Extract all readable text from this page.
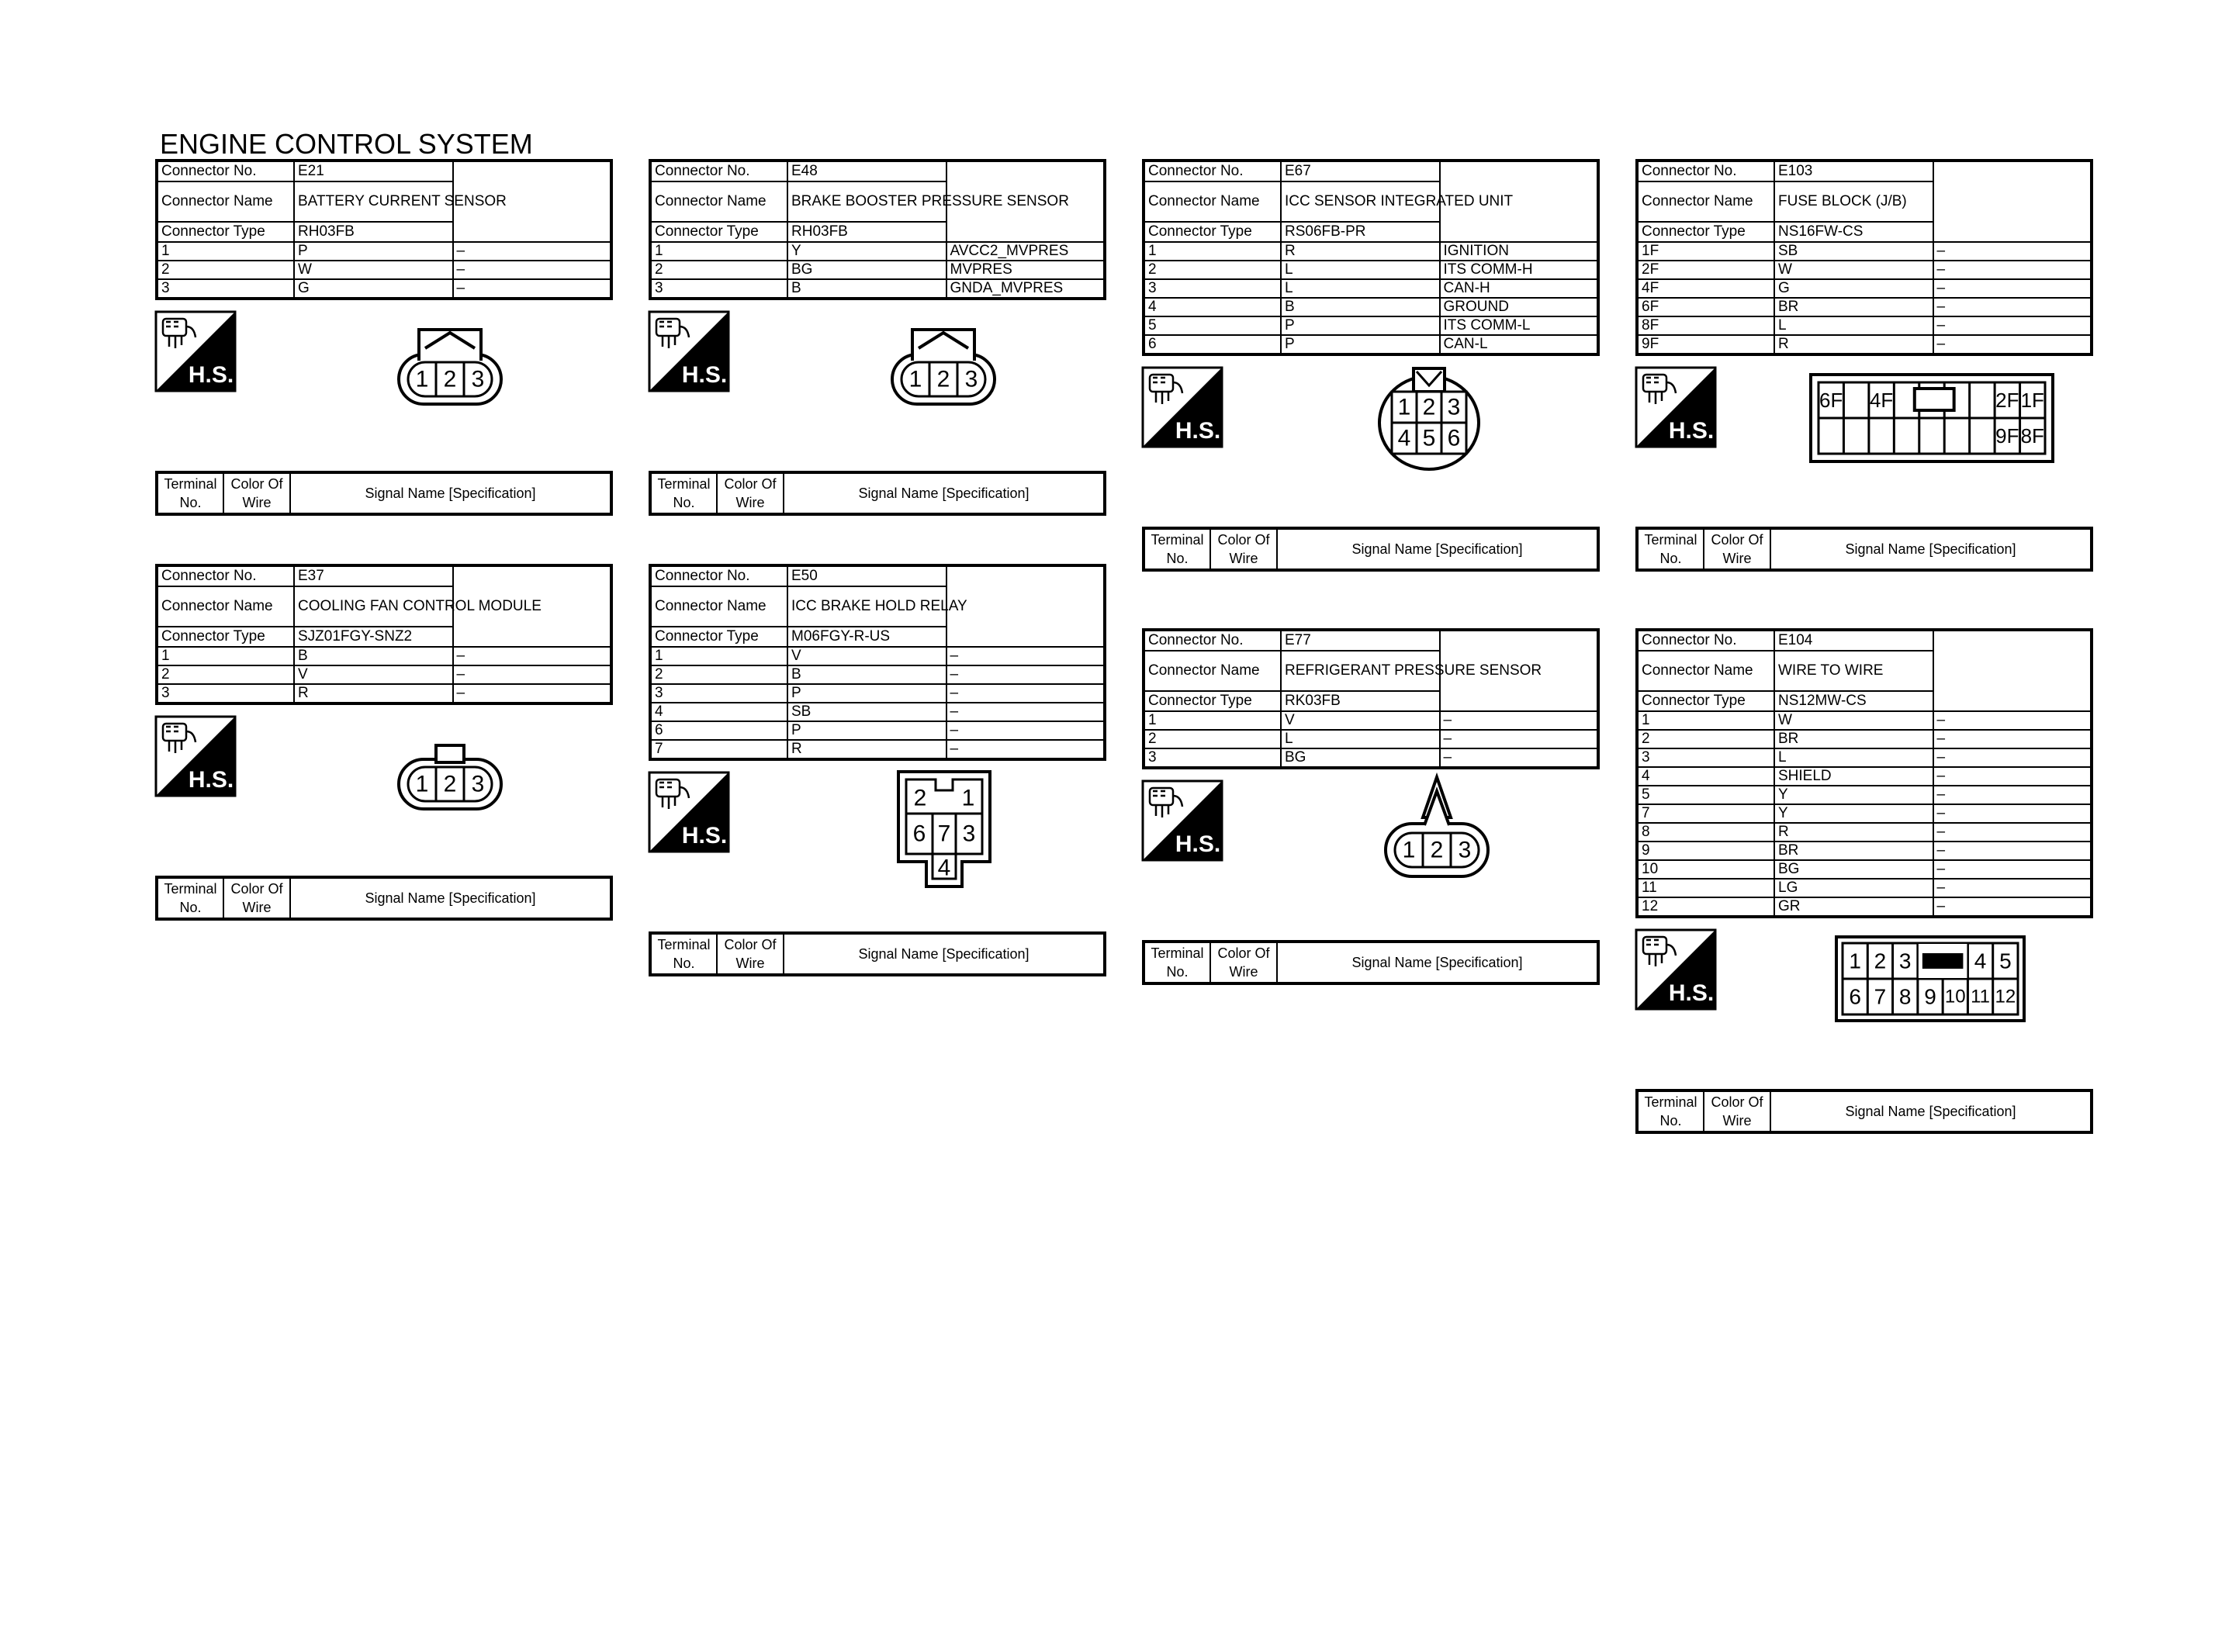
ENGINE CONTROL SYSTEM
Connector No.	E21	
Connector Name	BATTERY CURRENT SENSOR	
Connector Type	RH03FB	
1	P	–
2	W	–
3	G	–
H.S.	1 2 3
Terminal
No.

Color Of
Wire
	Signal Name [Specification]
Connector No.	E48	
Connector Name	BRAKE BOOSTER PRESSURE SENSOR	
Connector Type	RH03FB	
1	Y	AVCC2_MVPRES
2	BG	MVPRES
3	B	GNDA_MVPRES
H.S.	1 2 3
Terminal
No.

Color Of
Wire
	Signal Name [Specification]
Connector No.	E67	
Connector Name	ICC SENSOR INTEGRATED UNIT	
Connector Type	RS06FB-PR	
1	R	IGNITION
2	L	ITS COMM-H
3	L	CAN-H
4	B	GROUND
5	P	ITS COMM-L
6	P	CAN-L
H.S.
1 2 3
4 5 6
Terminal
No.

Color Of
Wire
	Signal Name [Specification]
Connector No.	E103	
Connector Name	FUSE BLOCK (J/B)	
Connector Type	NS16FW-CS	
1F	SB	–
2F	W	–
4F	G	–
6F	BR	–
8F	L	–
9F	R	–
H.S.
6F 4F	2F 1F
9F 8F
Terminal
No.

Color Of
Wire
	Signal Name [Specification]
Connector No.	E37	
Connector Name	COOLING FAN CONTROL MODULE	
Connector Type	SJZ01FGY-SNZ2	
1	B	–
2	V	–
3	R	–
H.S.	1 2 3
Terminal
No.

Color Of
Wire
	Signal Name [Specification]
Connector No.	E50	
Connector Name	ICC BRAKE HOLD RELAY	
Connector Type	M06FGY-R-US	
1	V	–
2	B	–
3	P	–
4	SB	–
6	P	–
7	R	–
H.S.
2 1
6 7 3
4
Terminal
No.

Color Of
Wire
	Signal Name [Specification]
Connector No.	E77	
Connector Name	REFRIGERANT PRESSURE SENSOR	
Connector Type	RK03FB	
1	V	–
2	L	–
3	BG	–
H.S.	1 2 3
Terminal
No.

Color Of
Wire
	Signal Name [Specification]
Connector No.	E104	
Connector Name	WIRE TO WIRE	
Connector Type	NS12MW-CS	
1	W	–
2	BR	–
3	L	–
4	SHIELD	–
5	Y	–
7	Y	–
8	R	–
9	BR	–
10	BG	–
11	LG	–
12	GR	–
H.S.
1 2 3	4 5
6 7 8 9 10 11 12
Terminal
No.

Color Of
Wire
	Signal Name [Specification]
